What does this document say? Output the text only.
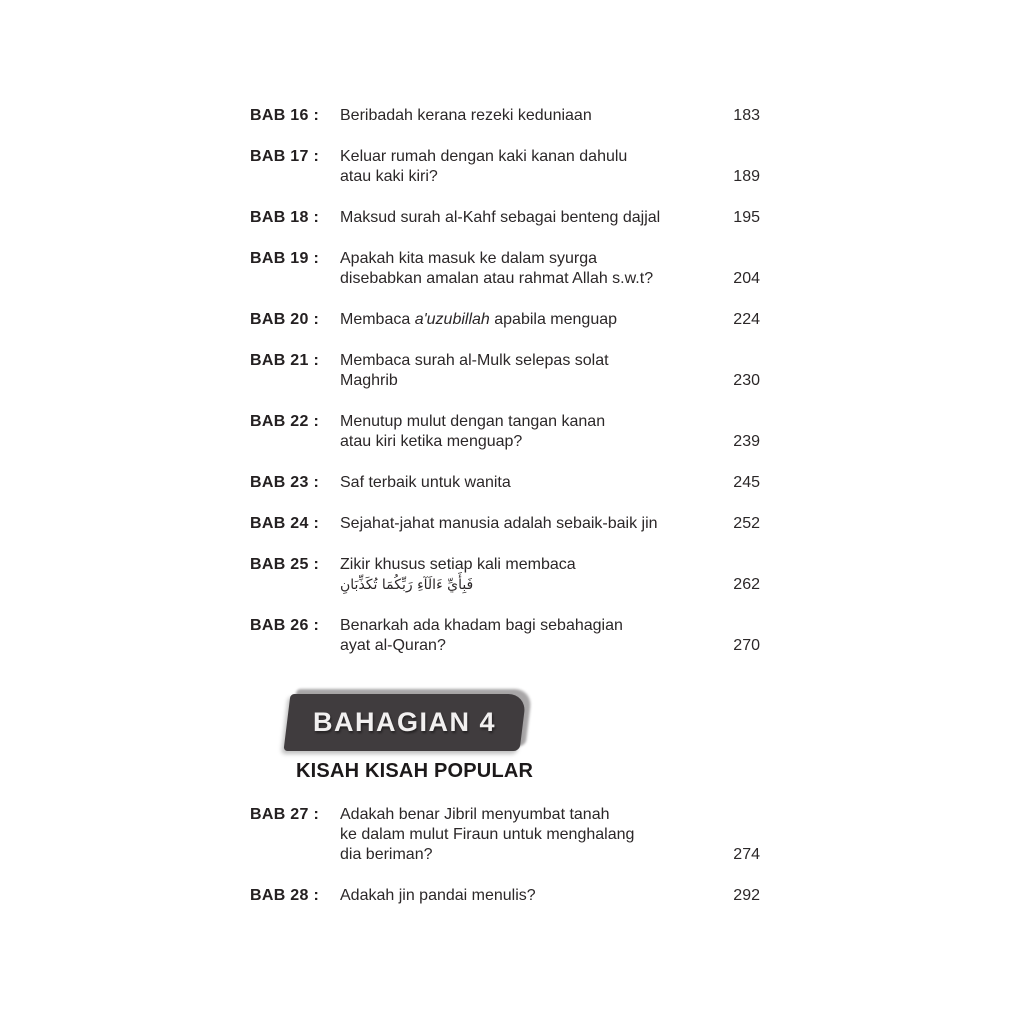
BAB 16 :	Beribadah kerana rezeki keduniaan	183
BAB 17 :	Keluar rumah dengan kaki kanan dahulu
atau kaki kiri?	189
BAB 18 :	Maksud surah al-Kahf sebagai benteng dajjal	195
BAB 19 :	Apakah kita masuk ke dalam syurga
disebabkan amalan atau rahmat Allah s.w.t?	204
BAB 20 :	Membaca a'uzubillah apabila menguap	224
BAB 21 :	Membaca surah al-Mulk selepas solat
Maghrib	230
BAB 22 :	Menutup mulut dengan tangan kanan
atau kiri ketika menguap?	239
BAB 23 :	Saf terbaik untuk wanita	245
BAB 24 :	Sejahat-jahat manusia adalah sebaik-baik jin	252
BAB 25 :	Zikir khusus setiap kali membaca
فَبِأَيِّ ءَالَآءِ رَبِّكُمَا تُكَذِّبَانِ	262
BAB 26 :	Benarkah ada khadam bagi sebahagian
ayat al-Quran?	270
BAHAGIAN 4
KISAH KISAH POPULAR
BAB 27 :	Adakah benar Jibril menyumbat tanah
ke dalam mulut Firaun untuk menghalang
dia beriman?	274
BAB 28 :	Adakah jin pandai menulis?	292
